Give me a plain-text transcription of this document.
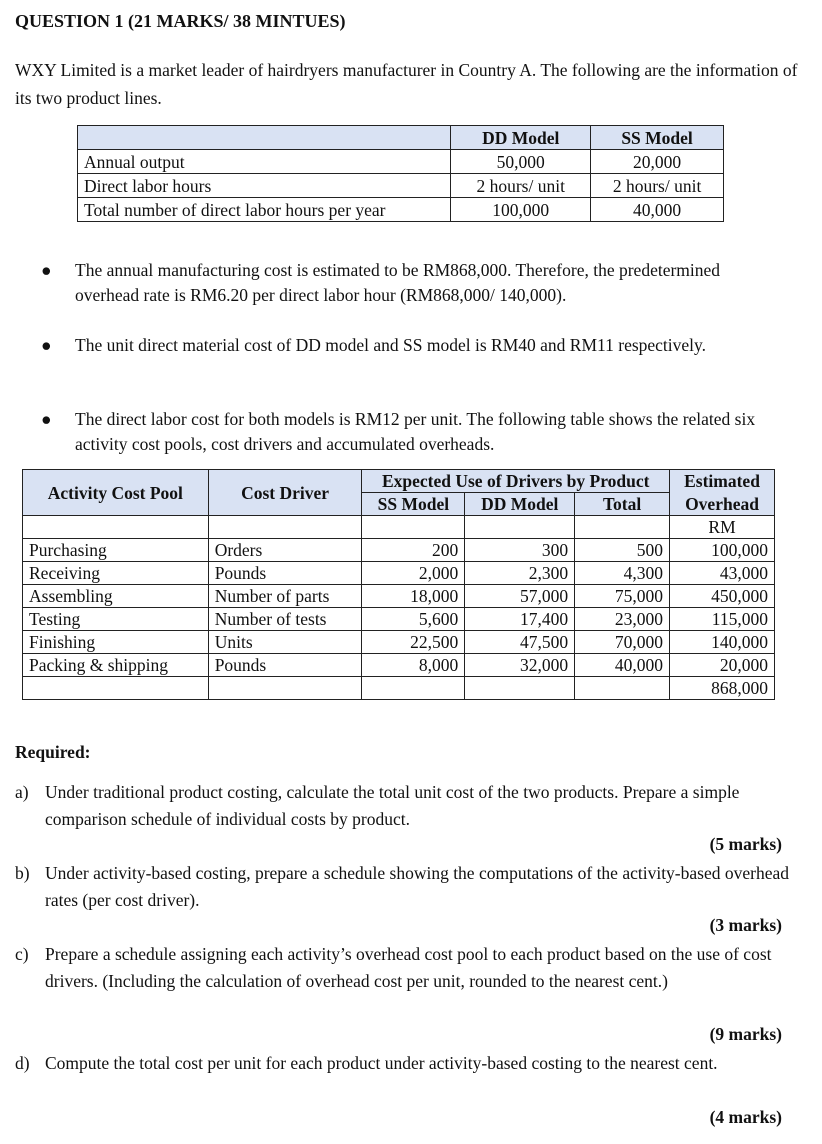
QUESTION 1 (21 MARKS/ 38 MINTUES)
WXY Limited is a market leader of hairdryers manufacturer in Country A. The following are the information of its two product lines.
	DD Model	SS Model
Annual output	50,000	20,000
Direct labor hours	2 hours/ unit	2 hours/ unit
Total number of direct labor hours per year	100,000	40,000
●	The annual manufacturing cost is estimated to be RM868,000. Therefore, the predetermined overhead rate is RM6.20 per direct labor hour (RM868,000/ 140,000).
●	The unit direct material cost of DD model and SS model is RM40 and RM11 respectively.
●	The direct labor cost for both models is RM12 per unit. The following table shows the related six activity cost pools, cost drivers and accumulated overheads.
Activity Cost Pool	Cost Driver	Expected Use of Drivers by Product			Estimated
		SS Model	DD Model	Total	Overhead
					RM
Purchasing	Orders	200	300	500	100,000
Receiving	Pounds	2,000	2,300	4,300	43,000
Assembling	Number of parts	18,000	57,000	75,000	450,000
Testing	Number of tests	5,600	17,400	23,000	115,000
Finishing	Units	22,500	47,500	70,000	140,000
Packing & shipping	Pounds	8,000	32,000	40,000	20,000
					868,000
Required:
a) Under traditional product costing, calculate the total unit cost of the two products. Prepare a simple comparison schedule of individual costs by product.
(5 marks)
b) Under activity-based costing, prepare a schedule showing the computations of the activity-based overhead rates (per cost driver).
(3 marks)
c) Prepare a schedule assigning each activity’s overhead cost pool to each product based on the use of cost drivers. (Including the calculation of overhead cost per unit, rounded to the nearest cent.)
(9 marks)
d) Compute the total cost per unit for each product under activity-based costing to the nearest cent.
(4 marks)
